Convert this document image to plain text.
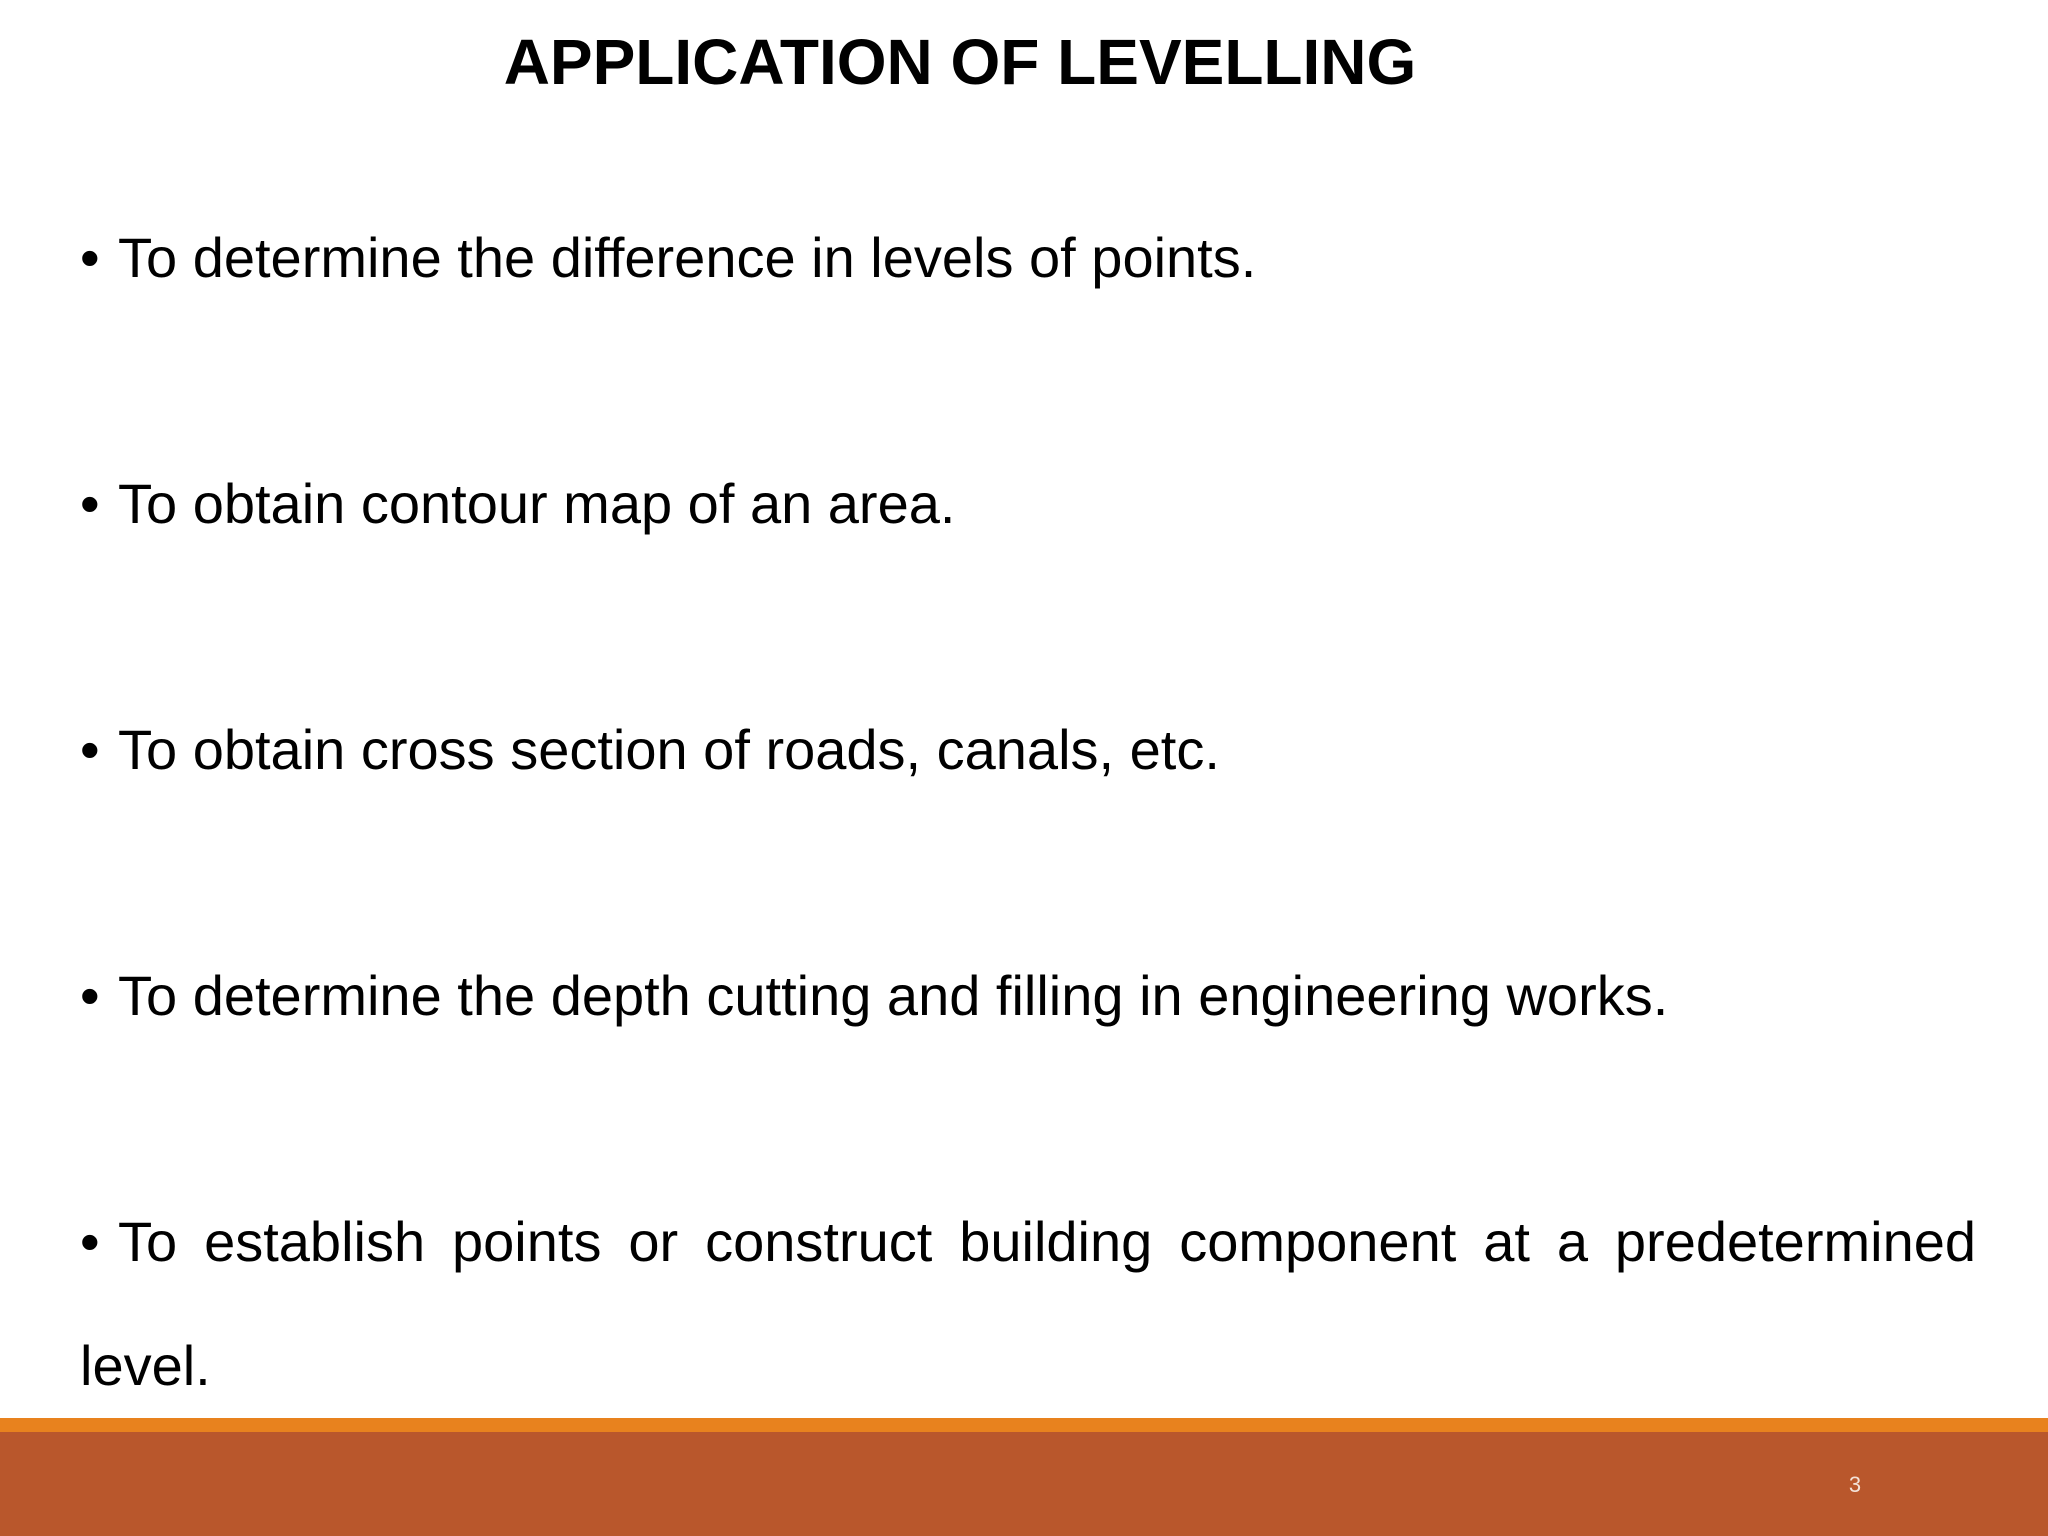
APPLICATION OF LEVELLING
• To determine the difference in levels of points.
• To obtain contour map of an area.
• To obtain cross section of roads, canals, etc.
• To determine the depth cutting and filling in engineering works.
• To establish points or construct building component at a predetermined level.
3
